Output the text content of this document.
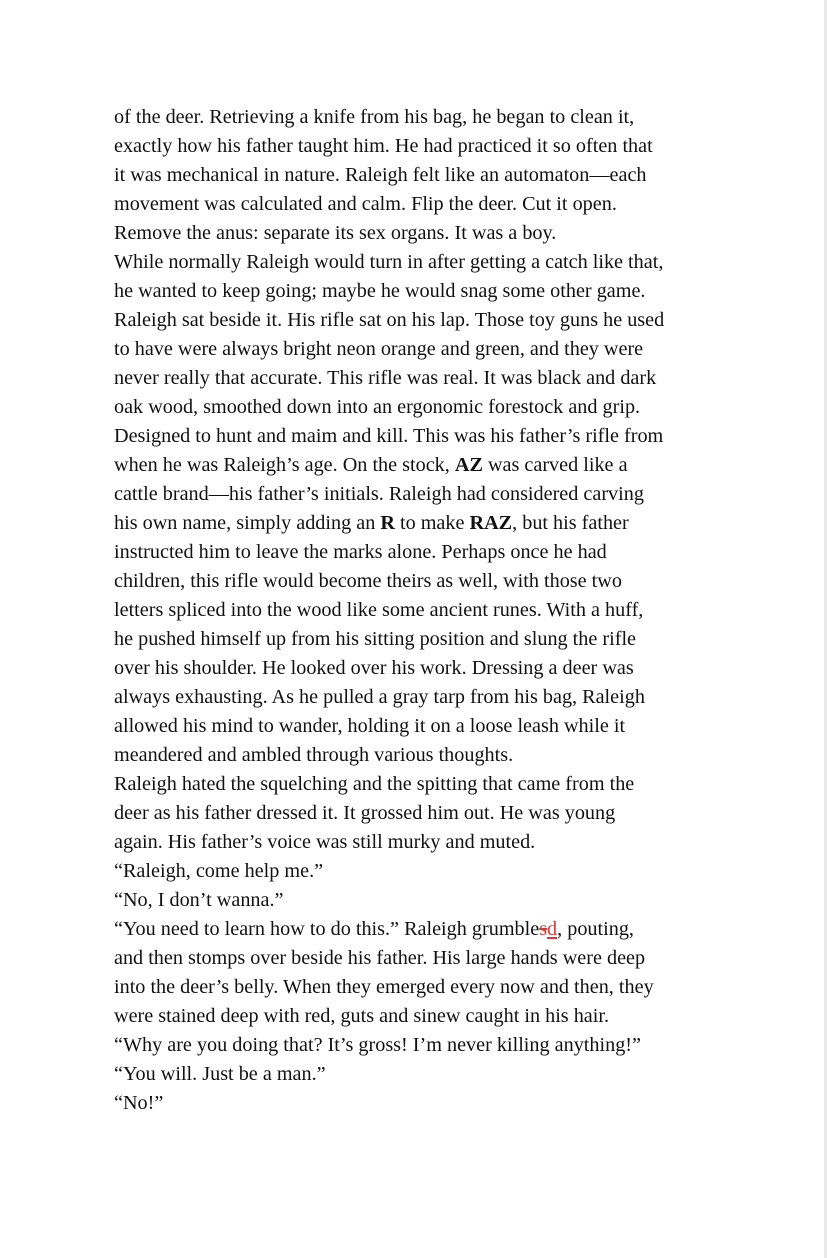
of the deer. Retrieving a knife from his bag, he began to clean it,
exactly how his father taught him. He had practiced it so often that
it was mechanical in nature. Raleigh felt like an automaton—each
movement was calculated and calm. Flip the deer. Cut it open.
Remove the anus: separate its sex organs. It was a boy.
While normally Raleigh would turn in after getting a catch like that,
he wanted to keep going; maybe he would snag some other game.
Raleigh sat beside it. His rifle sat on his lap. Those toy guns he used
to have were always bright neon orange and green, and they were
never really that accurate. This rifle was real. It was black and dark
oak wood, smoothed down into an ergonomic forestock and grip.
Designed to hunt and maim and kill. This was his father’s rifle from
when he was Raleigh’s age. On the stock, AZ was carved like a
cattle brand—his father’s initials. Raleigh had considered carving
his own name, simply adding an R to make RAZ, but his father
instructed him to leave the marks alone. Perhaps once he had
children, this rifle would become theirs as well, with those two
letters spliced into the wood like some ancient runes. With a huff,
he pushed himself up from his sitting position and slung the rifle
over his shoulder. He looked over his work. Dressing a deer was
always exhausting. As he pulled a gray tarp from his bag, Raleigh
allowed his mind to wander, holding it on a loose leash while it
meandered and ambled through various thoughts.
Raleigh hated the squelching and the spitting that came from the
deer as his father dressed it. It grossed him out. He was young
again. His father’s voice was still murky and muted.
“Raleigh, come help me.”
“No, I don’t wanna.”
“You need to learn how to do this.” Raleigh grumblesd, pouting,
and then stomps over beside his father. His large hands were deep
into the deer’s belly. When they emerged every now and then, they
were stained deep with red, guts and sinew caught in his hair.
“Why are you doing that? It’s gross! I’m never killing anything!”
“You will. Just be a man.”
“No!”
